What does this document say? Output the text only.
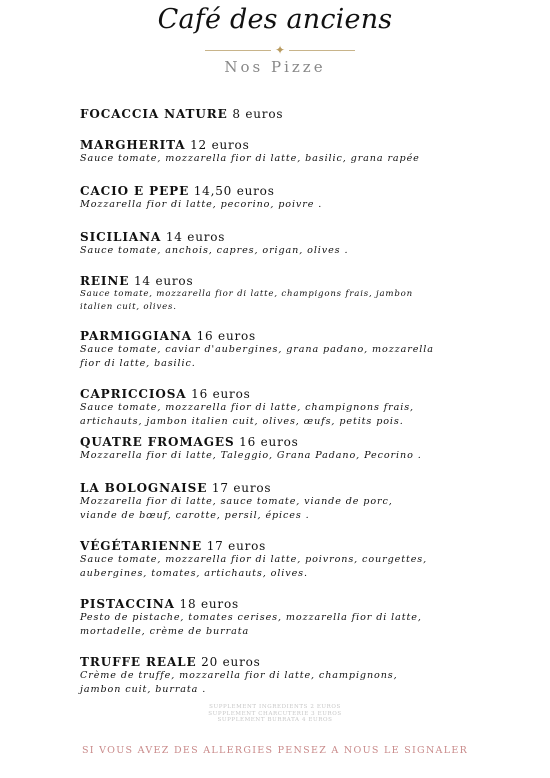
Café des anciens
✦
Nos Pizze
FOCACCIA NATURE 8 euros
MARGHERITA 12 euros
Sauce tomate, mozzarella fior di latte, basilic, grana rapée
CACIO E PEPE 14,50 euros
Mozzarella fior di latte, pecorino, poivre .
SICILIANA 14 euros
Sauce tomate, anchois, capres, origan, olives .
REINE 14 euros
Sauce tomate, mozzarella fior di latte, champigons frais, jambon
italien cuit, olives.
PARMIGGIANA 16 euros
Sauce tomate, caviar d'aubergines, grana padano, mozzarella
fior di latte, basilic.
CAPRICCIOSA 16 euros
Sauce tomate, mozzarella fior di latte, champignons frais,
artichauts, jambon italien cuit, olives, œufs, petits pois.
QUATRE FROMAGES 16 euros
Mozzarella fior di latte, Taleggio, Grana Padano, Pecorino .
LA BOLOGNAISE 17 euros
Mozzarella fior di latte, sauce tomate, viande de porc,
viande de bœuf, carotte, persil, épices .
VÉGÉTARIENNE 17 euros
Sauce tomate, mozzarella fior di latte, poivrons, courgettes,
aubergines, tomates, artichauts, olives.
PISTACCINA 18 euros
Pesto de pistache, tomates cerises, mozzarella fior di latte,
mortadelle, crème de burrata
TRUFFE REALE 20 euros
Crème de truffe, mozzarella fior di latte, champignons,
jambon cuit, burrata .
SUPPLEMENT INGREDIENTS 2 EUROS
SUPPLEMENT CHARCUTERIE 3 EUROS
SUPPLEMENT BURRATA 4 EUROS
SI VOUS AVEZ DES ALLERGIES PENSEZ A NOUS LE SIGNALER
